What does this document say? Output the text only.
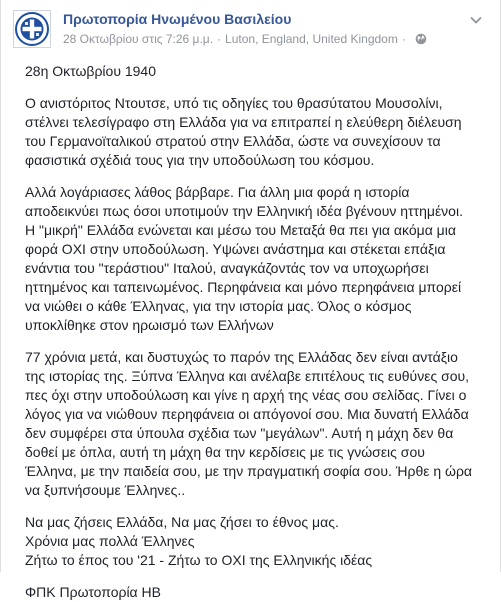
Πρωτοπορία Ηνωμένου Βασιλείου
28 Οκτωβρίου στις 7:26 μ.μ. · Luton, England, United Kingdom ·

28η Οκτωβρίου 1940

Ο ανιστόριτος Ντουτσε, υπό τις οδηγίες του θρασύτατου Μουσολίνι,

στέλνει τελεσίγραφο στη Ελλάδα για να επιτραπεί η ελεύθερη διέλευση

του Γερμανοϊταλικού στρατού στην Ελλάδα, ώστε να συνεχίσουν τα

φασιστικά σχέδιά τους για την υποδούλωση του κόσμου.

Αλλά λογάριασες λάθος βάρβαρε. Για άλλη μια φορά η ιστορία

αποδεικνύει πως όσοι υποτιμούν την Ελληνική ιδέα βγένουν ηττημένοι.

Η "μικρή" Ελλάδα ενώνεται και μέσω του Μεταξά θα πει για ακόμα μια

φορά ΟΧΙ στην υποδούλωση. Υψώνει ανάστημα και στέκεται επάξια

ενάντια του "τεράστιου" Ιταλού, αναγκάζοντάς τον να υποχωρήσει

ηττημένος και ταπεινωμένος. Περηφάνεια και μόνο περηφάνεια μπορεί

να νιώθει ο κάθε Έλληνας, για την ιστορία μας. Όλος ο κόσμος

υποκλίθηκε στον ηρωισμό των Ελλήνων

77 χρόνια μετά, και δυστυχώς το παρόν της Ελλάδας δεν είναι αντάξιο

της ιστορίας της. Ξύπνα Έλληνα και ανέλαβε επιτέλους τις ευθύνες σου,

πες όχι στην υποδούλωση και γίνε η αρχή της νέας σου σελίδας. Γίνει ο

λόγος για να νιώθουν περηφάνεια οι απόγονοί σου. Μια δυνατή Ελλάδα

δεν συμφέρει στα ύπουλα σχέδια των "μεγάλων". Αυτή η μάχη δεν θα

δοθεί με όπλα, αυτή τη μάχη θα την κερδίσεις με τις γνώσεις σου

Έλληνα, με την παιδεία σου, με την πραγματική σοφία σου. Ήρθε η ώρα

να ξυπνήσουμε Έλληνες..

Να μας ζήσεις Ελλάδα, Να μας ζήσει το έθνος μας.

Χρόνια μας πολλά Έλληνες

Ζήτω το έπος του '21 - Ζήτω το ΟΧΙ της Ελληνικής ιδέας

ΦΠΚ Πρωτοπορία ΗΒ
